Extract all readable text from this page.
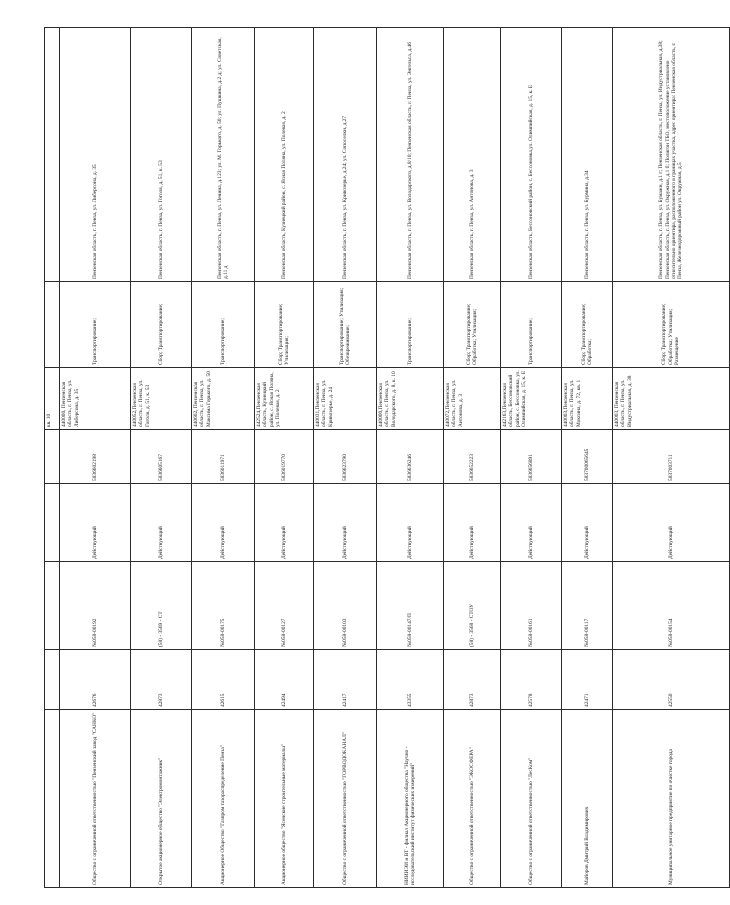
					кв. 10		
Общество с ограниченной ответственностью "Пензенский завод "САНКО"	42676	№058-00192	Действующий	5836602198	440000, Пензенская область, г. Пенза, ул. Либерсона, д. 35	Транспортирование;	Пензенская область, г. Пенза, ул. Либерсона, д. 35
Открытое акционерное общество "Электромонтажник"	42873	(58) - 3569 - СТ	Действующий	5836605167	440052,Пензенская область, г. Пенза, ул. Гоголя, д. 51, к. 53	Сбор; Транспортирование;	Пензенская область, г. Пенза, ул. Гоголя, д. 51, к. 53
Акционерное Общество "Газпром газораспределение Пенза"	42615	№058-00175	Действующий	5836011971	440602, Пензенская область, г. Пенза, ул. Максима Горького, д. 50	Транспортирование;	Пензенская область, г. Пенза, ул. Ленина, д.123; ул. М. Горького, д. 50; ул. Пушкина, д.2 д; ул. Советская, д.11 д
Акционерное общество "Ясенские строительные материалы"	42494	№058-00127	Действующий	5836019770	442524,Пензенская область, Кузнецкий район, с. Ясная Поляна, ул. Полевая, д. 2	Сбор; Транспортирование; Утилизация;	Пензенская область, Кузнецкий район, с. Ясная Поляна, ул. Полевая, д. 2
Общество с ограниченной ответственностью "ГОРВОДОКАНАЛ"	42417	№058-00103	Действующий	5836623790	440031,Пензенская область, г. Пенза, ул. Кривозерье, д. 24	Транспортирование; Утилизация; Обезвреживание;	Пензенская область, г. Пенза, ул. Кривозерье, д.24; ул. Сопоселки, д.27
НИИИЭИ и ВТ - филиал Акционерного общества "Научно - исследовательский институт физических измерений"	43355	№058-00147/П	Действующий	5836636246	440000,Пензенская область, г. Пенза, ул. Володарского, д. 8, к. 10	Транспортирование;	Пензенская область, г. Пенза, ул. Володарского, д.8/10; Пензенская область, г. Пенза, ул. Энгельса, д.46
Общество с ограниченной ответственностью "ЭКОСФЕРА"	42873	(58) - 3568 - СТОУ	Действующий	5836652223	440072,Пензенская область, г. Пенза, ул. Антонова, д. 3	Сбор; Транспортирование; Обработка; Утилизация;	Пензенская область, г. Пенза, ул. Антонова, д. 3
Общество с ограниченной ответственностью "ЛесКом"	42578	№058-00161	Действующий	5836656891	442163,Пензенская область, Бессоновский район, с. Бессоновка, ул. Олимпийская, д. 15, к. Е	Транспортирование;	Пензенская область, Бессоновский район, с. Бессоновка,ул. Олимпийская, д. 15, к. Е
Майоров Дмитрий Владимирович	42471	№058-00117	Действующий	583700065645	440003,Пензенская область, г. Пенза, ул. Моксина, д. 72, кв. 1	Сбор; Транспортирование; Обработка;	Пензенская область, г. Пенза, ул. Бурмина, д.34
Муниципальное унитарное предприятие по очистке города	42550	№058-00154	Действующий	5837003711	440003, Пензенская область, г. Пенза, ул. Индустриальная, д. 38	Сбор; Транспортирование; Обработка; Утилизация; Размещение	Пензенская область, г. Пенза, ул. Бумажн, д.1 г; Пензенская область, г. Пенза, ул. Индустриальная, д.38; Пензенская область, г. Пенза, ул. Окружная, д.1 б; Полигон ТБО, местоположение установлено относительно ориентира, расположенного в границах участка, адрес ориентира: Пензенская область, г. Пенза, Железнодорожный район ул. Окружная, д.5
